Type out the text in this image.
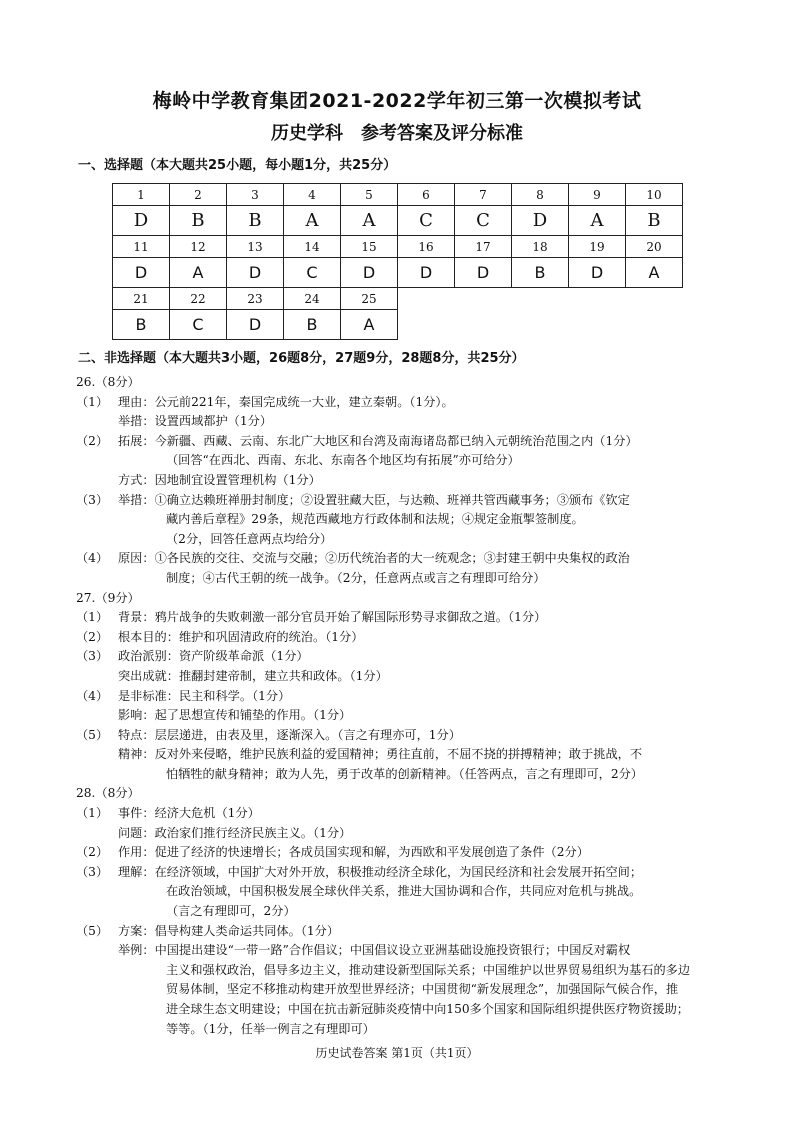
梅岭中学教育集团2021-2022学年初三第一次模拟考试
历史学科　参考答案及评分标准
一、选择题（本大题共25小题，每小题1分，共25分）
1	2	3	4	5	6	7	8	9	10
D	B	B	A	A	C	C	D	A	B
11	12	13	14	15	16	17	18	19	20
D	A	D	C	D	D	D	B	D	A
21	22	23	24	25					
B	C	D	B	A					
二、非选择题（本大题共3小题，26题8分，27题9分，28题8分，共25分）
26.（8分）
（1） 理由：公元前221年，秦国完成统一大业，建立秦朝。（1分）。
举措：设置西域都护（1分）
（2） 拓展：今新疆、西藏、云南、东北广大地区和台湾及南海诸岛都已纳入元朝统治范围之内（1分）
（回答“在西北、西南、东北、东南各个地区均有拓展”亦可给分）
方式：因地制宜设置管理机构（1分）
（3） 举措：①确立达赖班禅册封制度；②设置驻藏大臣，与达赖、班禅共管西藏事务；③颁布《钦定
藏内善后章程》29条，规范西藏地方行政体制和法规；④规定金瓶掣签制度。
（2分，回答任意两点均给分）
（4） 原因：①各民族的交往、交流与交融；②历代统治者的大一统观念；③封建王朝中央集权的政治
制度；④古代王朝的统一战争。（2分，任意两点或言之有理即可给分）
27.（9分）
（1） 背景：鸦片战争的失败刺激一部分官员开始了解国际形势寻求御敌之道。（1分）
（2） 根本目的：维护和巩固清政府的统治。（1分）
（3） 政治派别：资产阶级革命派（1分）
突出成就：推翻封建帝制，建立共和政体。（1分）
（4） 是非标准：民主和科学。（1分）
影响：起了思想宣传和铺垫的作用。（1分）
（5） 特点：层层递进，由表及里，逐渐深入。（言之有理亦可，1分）
精神：反对外来侵略，维护民族利益的爱国精神；勇往直前，不屈不挠的拼搏精神；敢于挑战，不
怕牺牲的献身精神；敢为人先，勇于改革的创新精神。（任答两点，言之有理即可，2分）
28.（8分）
（1） 事件：经济大危机（1分）
问题：政治家们推行经济民族主义。（1分）
（2） 作用：促进了经济的快速增长；各成员国实现和解，为西欧和平发展创造了条件（2分）
（3） 理解：在经济领域，中国扩大对外开放，积极推动经济全球化，为国民经济和社会发展开拓空间；
在政治领域，中国积极发展全球伙伴关系，推进大国协调和合作，共同应对危机与挑战。
（言之有理即可，2分）
（5） 方案：倡导构建人类命运共同体。（1分）
举例：中国提出建设“一带一路”合作倡议；中国倡议设立亚洲基础设施投资银行；中国反对霸权
主义和强权政治，倡导多边主义，推动建设新型国际关系；中国维护以世界贸易组织为基石的多边
贸易体制，坚定不移推动构建开放型世界经济；中国贯彻“新发展理念”，加强国际气候合作，推
进全球生态文明建设；中国在抗击新冠肺炎疫情中向150多个国家和国际组织提供医疗物资援助；
等等。（1分，任举一例言之有理即可）
历史试卷答案 第1页（共1页）
